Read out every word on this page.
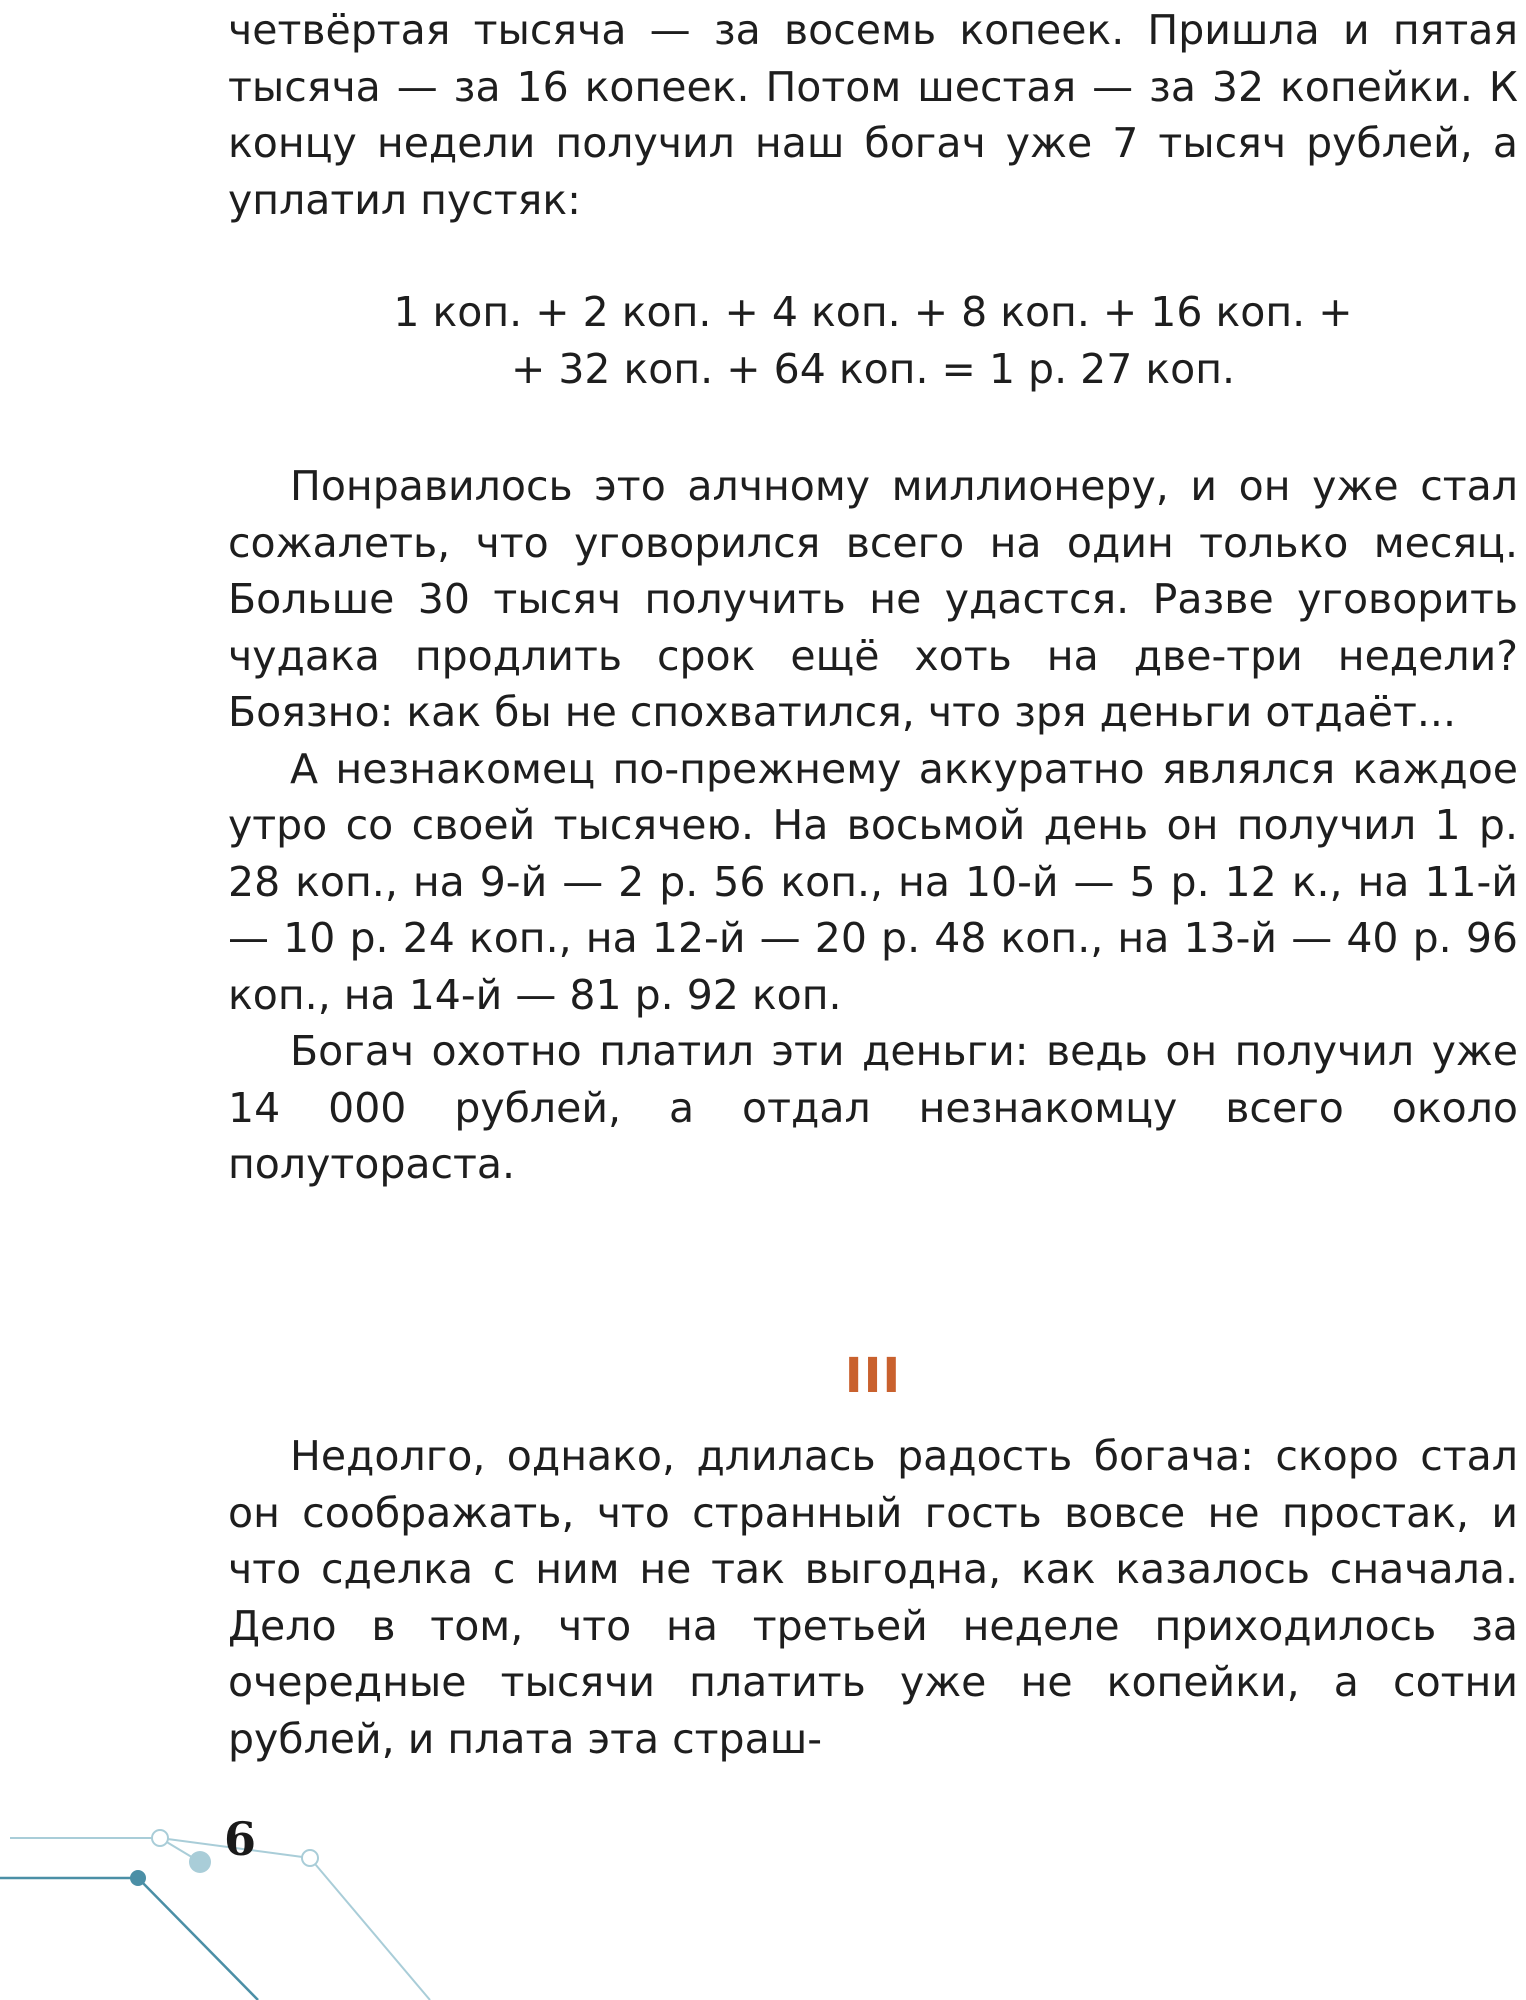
четвёртая тысяча — за восемь копеек. Пришла и пятая тысяча — за 16 копеек. Потом шестая — за 32 копейки. К концу недели получил наш богач уже 7 тысяч рублей, а уплатил пустяк:

1 коп. + 2 коп. + 4 коп. + 8 коп. + 16 коп. +
+ 32 коп. + 64 коп. = 1 р. 27 коп.

Понравилось это алчному миллионеру, и он уже стал сожалеть, что уговорился всего на один только месяц. Больше 30 тысяч получить не удастся. Разве уговорить чудака продлить срок ещё хоть на две-три недели? Боязно: как бы не спохватился, что зря деньги отдаёт...

А незнакомец по-прежнему аккуратно являлся каждое утро со своей тысячею. На восьмой день он получил 1 р. 28 коп., на 9-й — 2 р. 56 коп., на 10-й — 5 р. 12 к., на 11-й — 10 р. 24 коп., на 12-й — 20 р. 48 коп., на 13-й — 40 р. 96 коп., на 14-й — 81 р. 92 коп.

Богач охотно платил эти деньги: ведь он получил уже 14 000 рублей, а отдал незнакомцу всего около полутораста.

III

Недолго, однако, длилась радость богача: скоро стал он соображать, что странный гость вовсе не простак, и что сделка с ним не так выгодна, как казалось сначала. Дело в том, что на третьей неделе приходилось за очередные тысячи платить уже не копейки, а сотни рублей, и плата эта страш-

6
